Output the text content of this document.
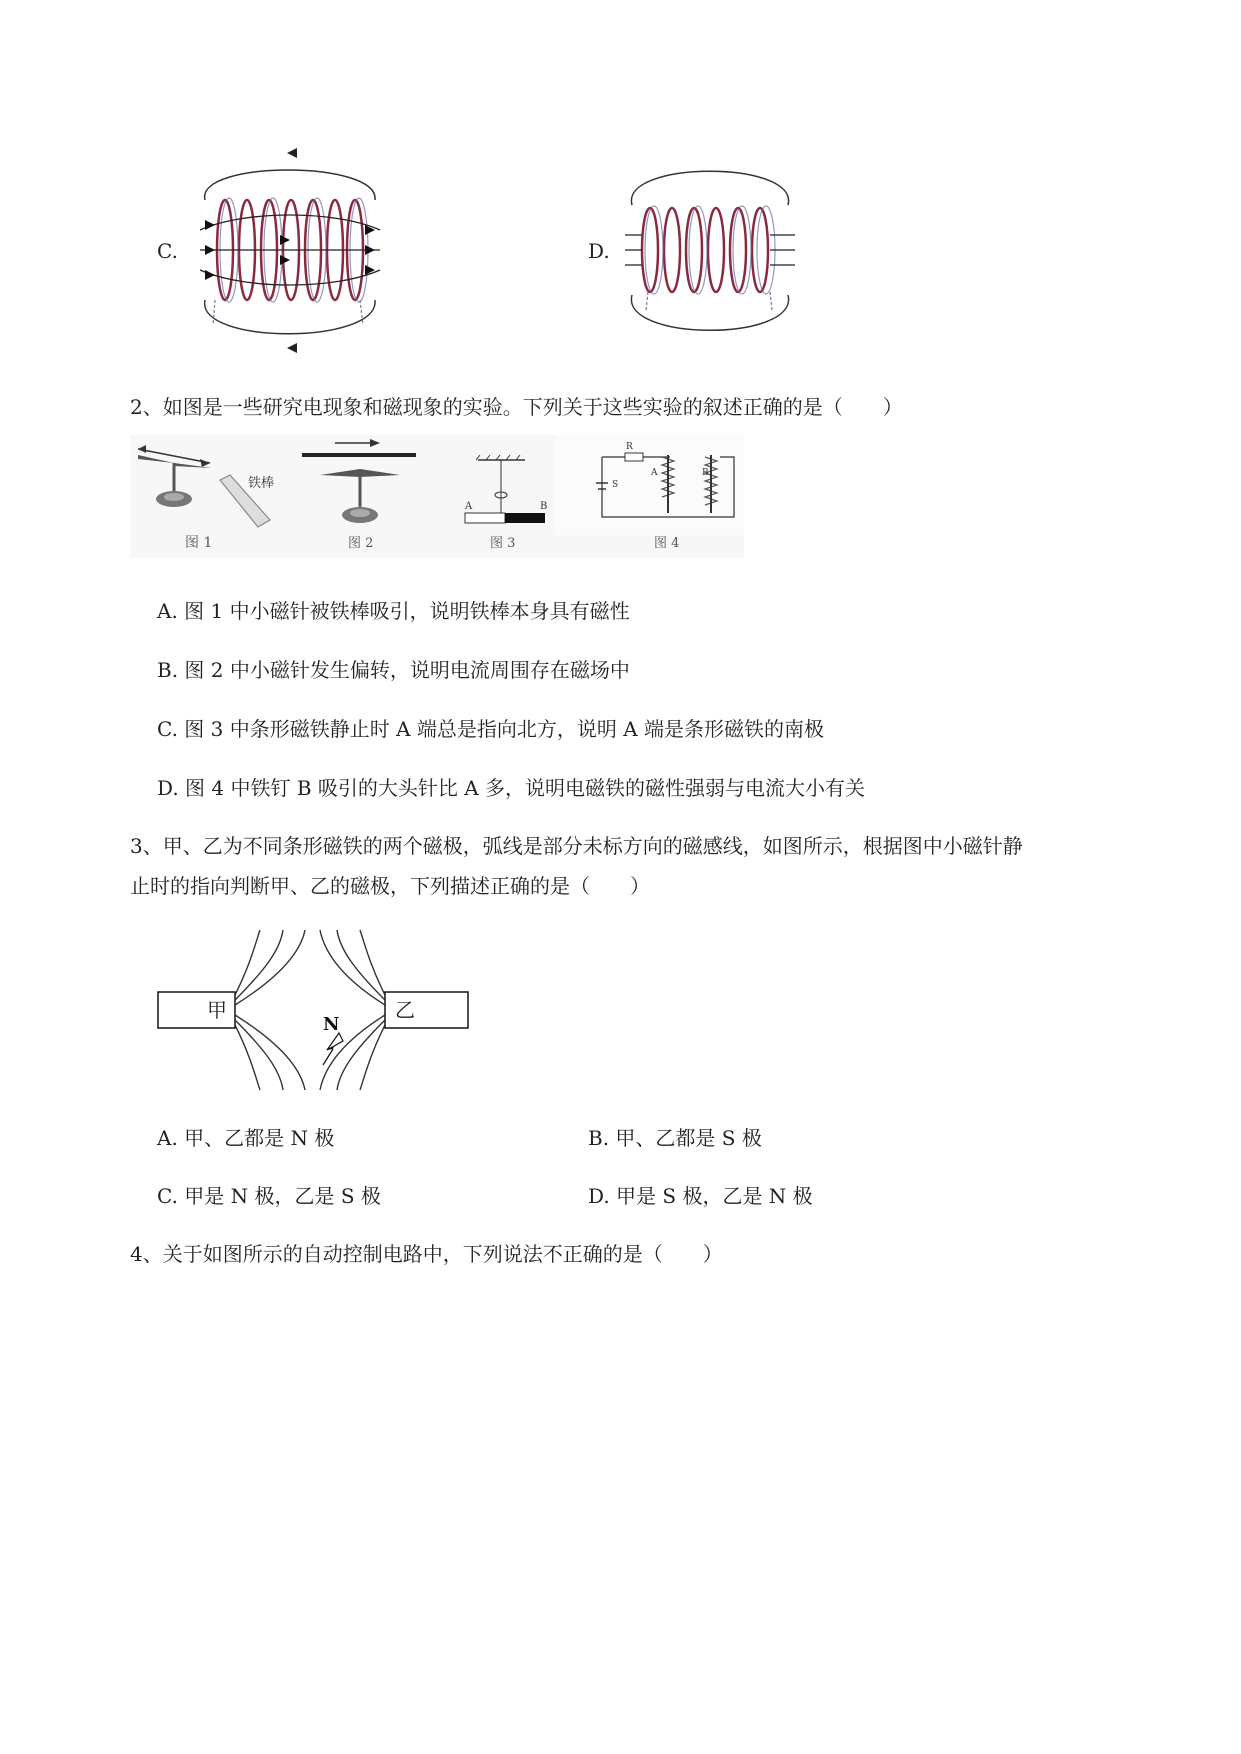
C.	D.
2、如图是一些研究电现象和磁现象的实验。下列关于这些实验的叙述正确的是（　　）
铁棒
图 1	图 2
A	B
图 3
R
S
A	B
图 4
A. 图 1 中小磁针被铁棒吸引，说明铁棒本身具有磁性
B. 图 2 中小磁针发生偏转，说明电流周围存在磁场中
C. 图 3 中条形磁铁静止时 A 端总是指向北方，说明 A 端是条形磁铁的南极
D. 图 4 中铁钉 B 吸引的大头针比 A 多，说明电磁铁的磁性强弱与电流大小有关
3、甲、乙为不同条形磁铁的两个磁极，弧线是部分未标方向的磁感线，如图所示，根据图中小磁针静止时的指向判断甲、乙的磁极，下列描述正确的是（　　）
甲	乙
N
A. 甲、乙都是 N 极	B. 甲、乙都是 S 极
C. 甲是 N 极，乙是 S 极	D. 甲是 S 极，乙是 N 极
4、关于如图所示的自动控制电路中，下列说法不正确的是（　　）
